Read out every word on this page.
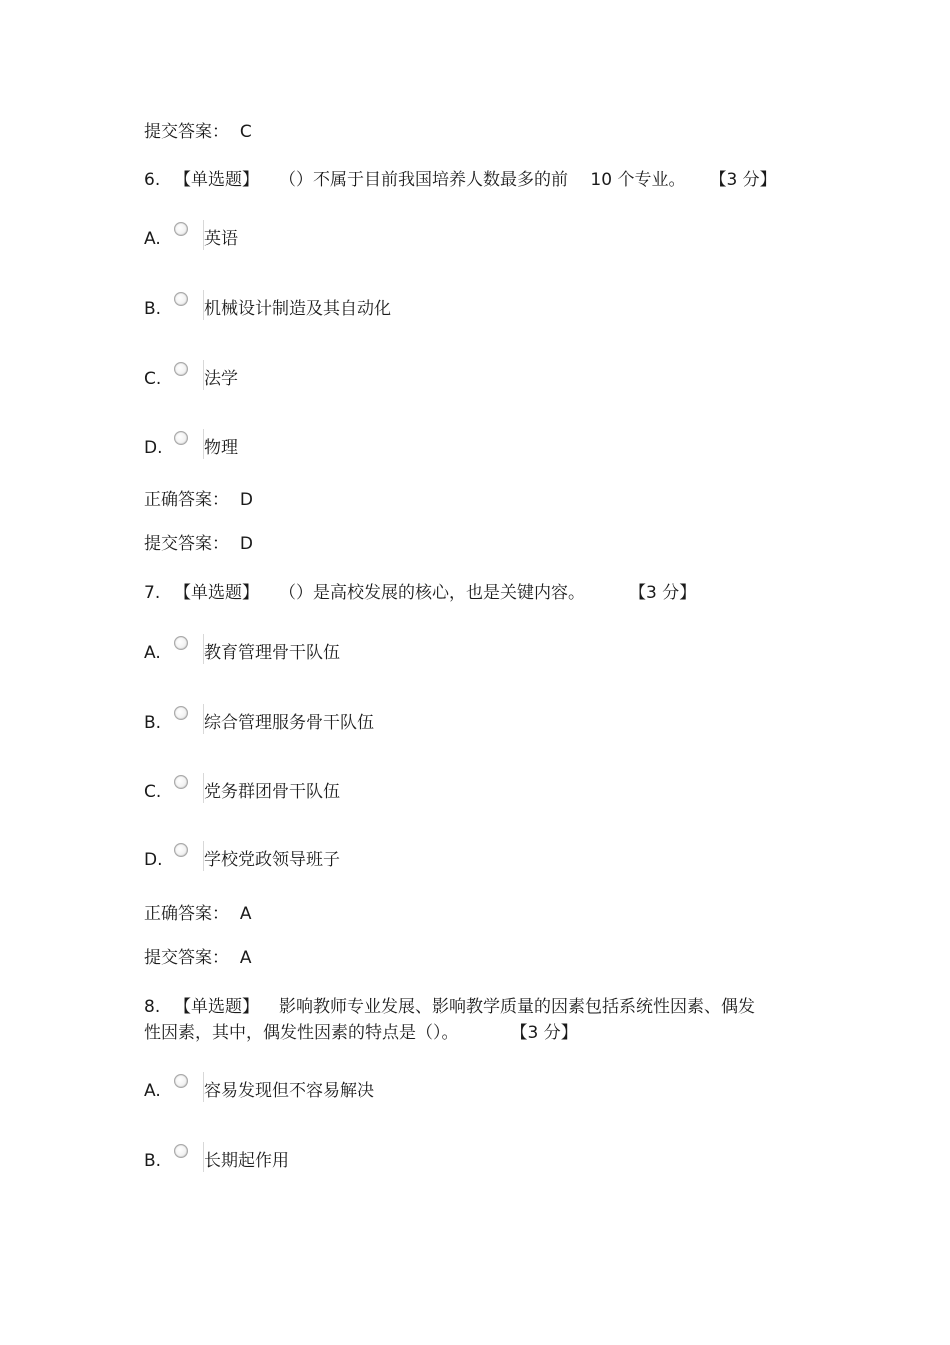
提交答案： C
6. 【单选题】 （）不属于目前我国培养人数最多的前　 10 个专业。 【3 分】
A.	英语
B.	机械设计制造及其自动化
C.	法学
D.	物理
正确答案： D
提交答案： D
7. 【单选题】 （）是高校发展的核心，也是关键内容。	【3 分】
A.	教育管理骨干队伍
B.	综合管理服务骨干队伍
C.	党务群团骨干队伍
D.	学校党政领导班子
正确答案： A
提交答案： A
8. 【单选题】 影响教师专业发展、影响教学质量的因素包括系统性因素、偶发
性因素，其中，偶发性因素的特点是（）。	【3 分】
A.	容易发现但不容易解决
B.	长期起作用
